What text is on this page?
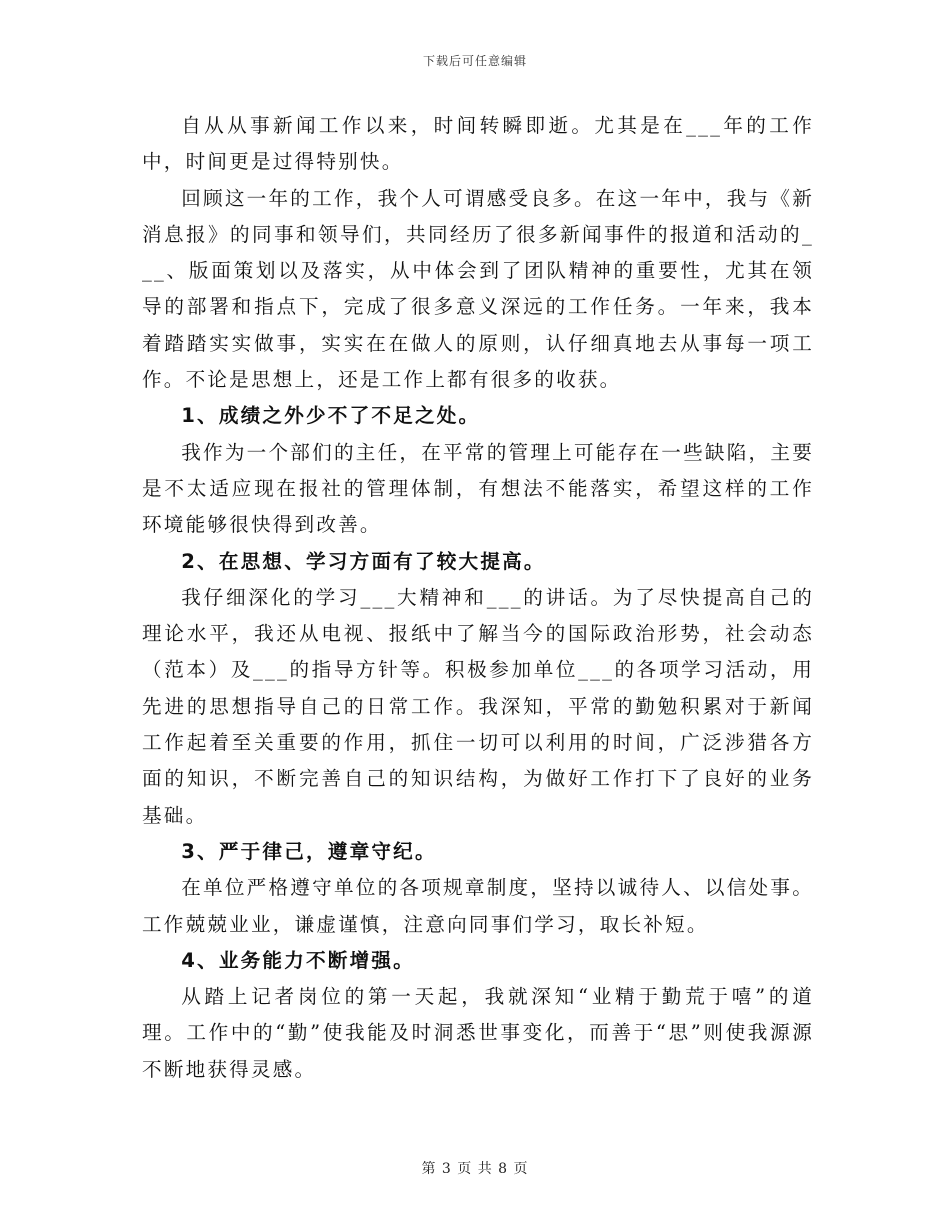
下载后可任意编辑

自从从事新闻工作以来，时间转瞬即逝。尤其是在___年的工作中，时间更是过得特别快。

回顾这一年的工作，我个人可谓感受良多。在这一年中，我与《新消息报》的同事和领导们，共同经历了很多新闻事件的报道和活动的___、版面策划以及落实，从中体会到了团队精神的重要性，尤其在领导的部署和指点下，完成了很多意义深远的工作任务。一年来，我本着踏踏实实做事，实实在在做人的原则，认仔细真地去从事每一项工作。不论是思想上，还是工作上都有很多的收获。

1、成绩之外少不了不足之处。

我作为一个部们的主任，在平常的管理上可能存在一些缺陷，主要是不太适应现在报社的管理体制，有想法不能落实，希望这样的工作环境能够很快得到改善。

2、在思想、学习方面有了较大提高。

我仔细深化的学习___大精神和___的讲话。为了尽快提高自己的理论水平，我还从电视、报纸中了解当今的国际政治形势，社会动态（范本）及___的指导方针等。积极参加单位___的各项学习活动，用先进的思想指导自己的日常工作。我深知，平常的勤勉积累对于新闻工作起着至关重要的作用，抓住一切可以利用的时间，广泛涉猎各方面的知识，不断完善自己的知识结构，为做好工作打下了良好的业务基础。

3、严于律己，遵章守纪。

在单位严格遵守单位的各项规章制度，坚持以诚待人、以信处事。工作兢兢业业，谦虚谨慎，注意向同事们学习，取长补短。

4、业务能力不断增强。

从踏上记者岗位的第一天起，我就深知“业精于勤荒于嘻”的道理。工作中的“勤”使我能及时洞悉世事变化，而善于“思”则使我源源不断地获得灵感。

第 3 页 共 8 页
